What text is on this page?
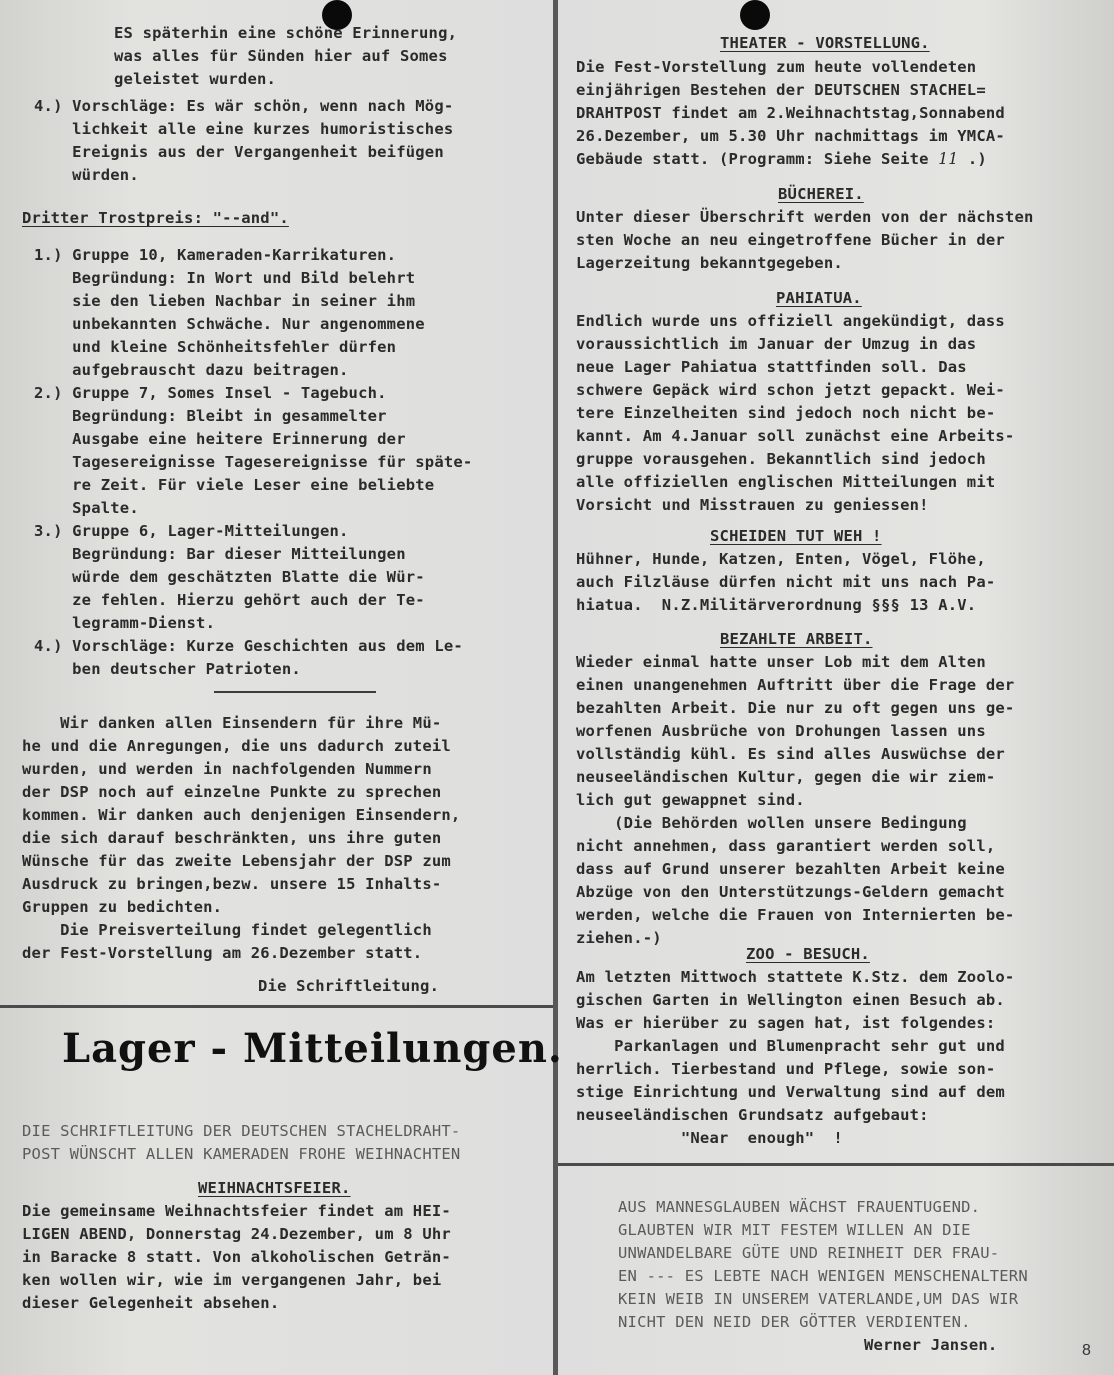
ES späterhin eine schöne Erinnerung,
was alles für Sünden hier auf Somes
geleistet wurden.
4.) Vorschläge: Es wär schön, wenn nach Mög-
lichkeit alle eine kurzes humoristisches
Ereignis aus der Vergangenheit beifügen
würden.
Dritter Trostpreis: "--and".
1.) Gruppe 10, Kameraden-Karrikaturen.
Begründung: In Wort und Bild belehrt
sie den lieben Nachbar in seiner ihm
unbekannten Schwäche. Nur angenommene
und kleine Schönheitsfehler dürfen
aufgebrauscht dazu beitragen.
2.) Gruppe 7, Somes Insel - Tagebuch.
Begründung: Bleibt in gesammelter
Ausgabe eine heitere Erinnerung der
Tagesereignisse Tagesereignisse für späte-
re Zeit. Für viele Leser eine beliebte
Spalte.
3.) Gruppe 6, Lager-Mitteilungen.
Begründung: Bar dieser Mitteilungen
würde dem geschätzten Blatte die Wür-
ze fehlen. Hierzu gehört auch der Te-
legramm-Dienst.
4.) Vorschläge: Kurze Geschichten aus dem Le-
ben deutscher Patrioten.
Wir danken allen Einsendern für ihre Mü-
he und die Anregungen, die uns dadurch zuteil
wurden, und werden in nachfolgenden Nummern
der DSP noch auf einzelne Punkte zu sprechen
kommen. Wir danken auch denjenigen Einsendern,
die sich darauf beschränkten, uns ihre guten
Wünsche für das zweite Lebensjahr der DSP zum
Ausdruck zu bringen,bezw. unsere 15 Inhalts-
Gruppen zu bedichten.
Die Preisverteilung findet gelegentlich
der Fest-Vorstellung am 26.Dezember statt.
Die Schriftleitung.
Lager - Mitteilungen.
DIE SCHRIFTLEITUNG DER DEUTSCHEN STACHELDRAHT-
POST WÜNSCHT ALLEN KAMERADEN FROHE WEIHNACHTEN
WEIHNACHTSFEIER.
Die gemeinsame Weihnachtsfeier findet am HEI-
LIGEN ABEND, Donnerstag 24.Dezember, um 8 Uhr
in Baracke 8 statt. Von alkoholischen Geträn-
ken wollen wir, wie im vergangenen Jahr, bei
dieser Gelegenheit absehen.
THEATER - VORSTELLUNG.
Die Fest-Vorstellung zum heute vollendeten
einjährigen Bestehen der DEUTSCHEN STACHEL=
DRAHTPOST findet am 2.Weihnachtstag,Sonnabend
26.Dezember, um 5.30 Uhr nachmittags im YMCA-
Gebäude statt. (Programm: Siehe Seite 11 .)
BÜCHEREI.
Unter dieser Überschrift werden von der nächsten
sten Woche an neu eingetroffene Bücher in der
Lagerzeitung bekanntgegeben.
PAHIATUA.
Endlich wurde uns offiziell angekündigt, dass
voraussichtlich im Januar der Umzug in das
neue Lager Pahiatua stattfinden soll. Das
schwere Gepäck wird schon jetzt gepackt. Wei-
tere Einzelheiten sind jedoch noch nicht be-
kannt. Am 4.Januar soll zunächst eine Arbeits-
gruppe vorausgehen. Bekanntlich sind jedoch
alle offiziellen englischen Mitteilungen mit
Vorsicht und Misstrauen zu geniessen!
SCHEIDEN TUT WEH !
Hühner, Hunde, Katzen, Enten, Vögel, Flöhe,
auch Filzläuse dürfen nicht mit uns nach Pa-
hiatua.  N.Z.Militärverordnung §§§ 13 A.V.
BEZAHLTE ARBEIT.
Wieder einmal hatte unser Lob mit dem Alten
einen unangenehmen Auftritt über die Frage der
bezahlten Arbeit. Die nur zu oft gegen uns ge-
worfenen Ausbrüche von Drohungen lassen uns
vollständig kühl. Es sind alles Auswüchse der
neuseeländischen Kultur, gegen die wir ziem-
lich gut gewappnet sind.
(Die Behörden wollen unsere Bedingung
nicht annehmen, dass garantiert werden soll,
dass auf Grund unserer bezahlten Arbeit keine
Abzüge von den Unterstützungs-Geldern gemacht
werden, welche die Frauen von Internierten be-
ziehen.-)
ZOO - BESUCH.
Am letzten Mittwoch stattete K.Stz. dem Zoolo-
gischen Garten in Wellington einen Besuch ab.
Was er hierüber zu sagen hat, ist folgendes:
Parkanlagen und Blumenpracht sehr gut und
herrlich. Tierbestand und Pflege, sowie son-
stige Einrichtung und Verwaltung sind auf dem
neuseeländischen Grundsatz aufgebaut:
"Near  enough"  !
AUS MANNESGLAUBEN WÄCHST FRAUENTUGEND.
GLAUBTEN WIR MIT FESTEM WILLEN AN DIE
UNWANDELBARE GÜTE UND REINHEIT DER FRAU-
EN --- ES LEBTE NACH WENIGEN MENSCHENALTERN
KEIN WEIB IN UNSEREM VATERLANDE,UM DAS WIR
NICHT DEN NEID DER GÖTTER VERDIENTEN.
Werner Jansen.	8
